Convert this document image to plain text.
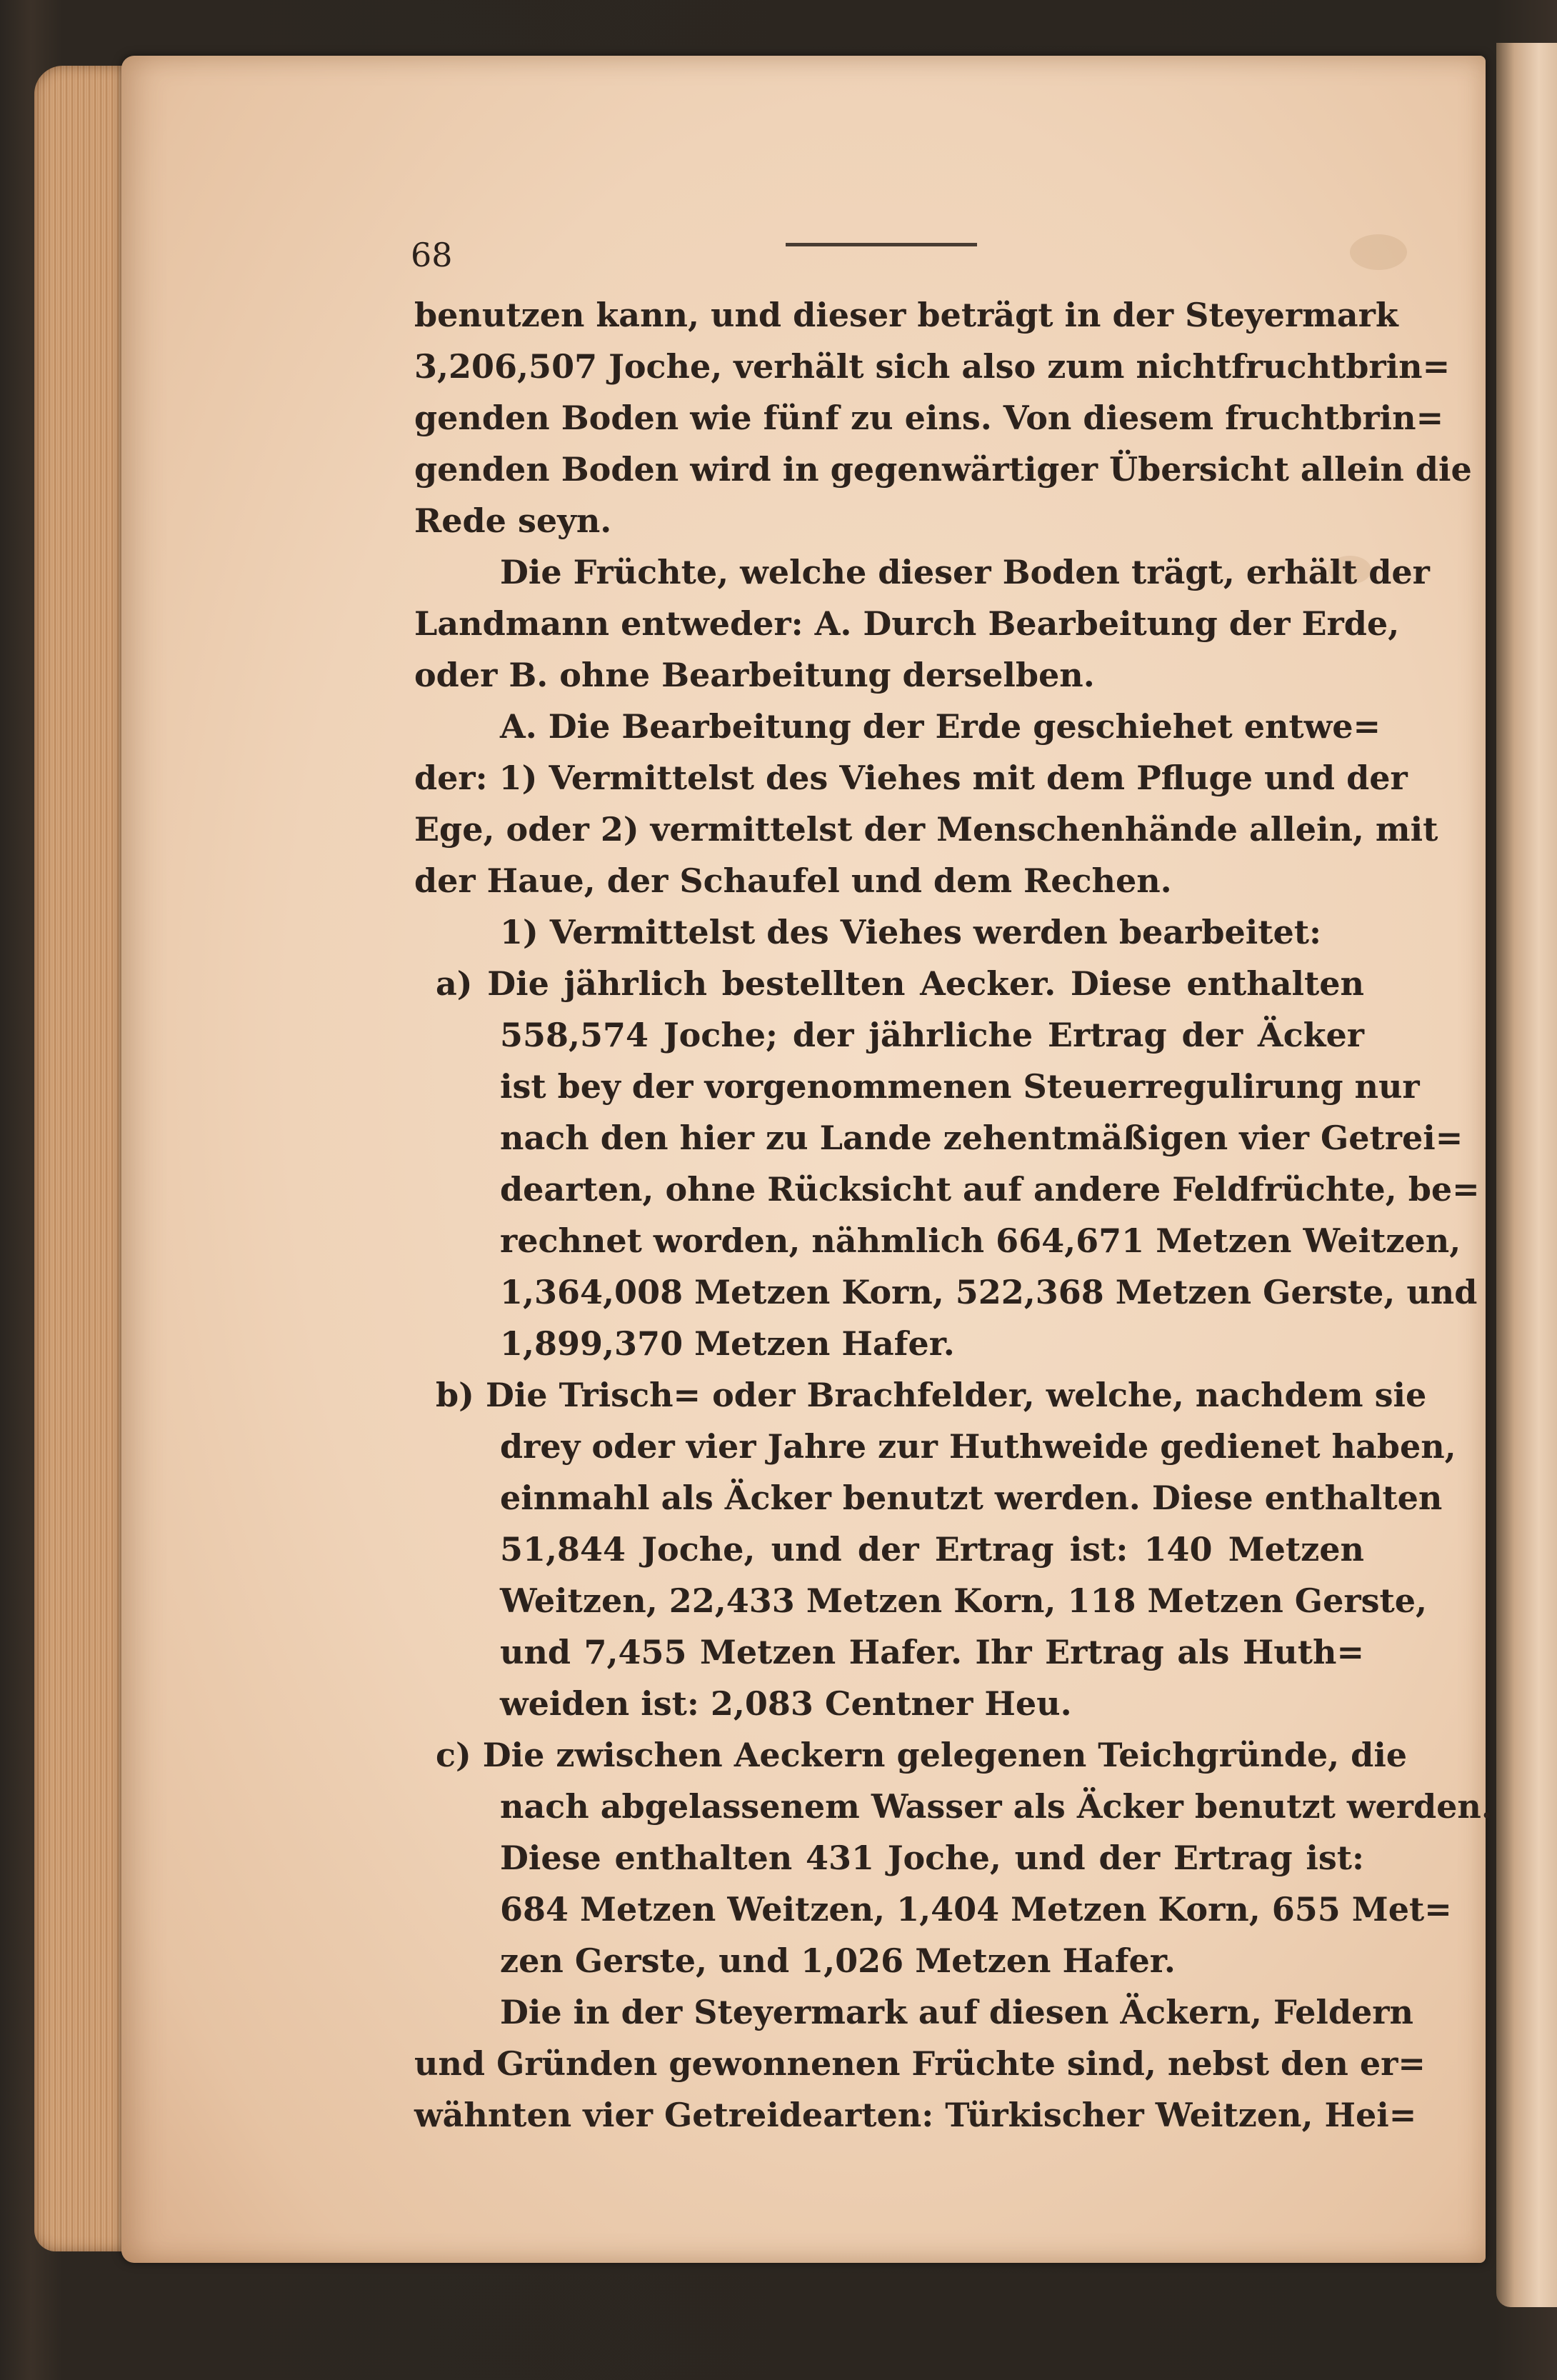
68
benutzen kann, und dieser beträgt in der Steyermark
3,206,507 Joche, verhält sich also zum nichtfruchtbrin=
genden Boden wie fünf zu eins. Von diesem fruchtbrin=
genden Boden wird in gegenwärtiger Übersicht allein die
Rede seyn.
Die Früchte, welche dieser Boden trägt, erhält der
Landmann entweder: A. Durch Bearbeitung der Erde,
oder B. ohne Bearbeitung derselben.
A. Die Bearbeitung der Erde geschiehet entwe=
der: 1) Vermittelst des Viehes mit dem Pfluge und der
Ege, oder 2) vermittelst der Menschenhände allein, mit
der Haue, der Schaufel und dem Rechen.
1) Vermittelst des Viehes werden bearbeitet:
a) Die jährlich bestellten Aecker. Diese enthalten
558,574 Joche; der jährliche Ertrag der Äcker
ist bey der vorgenommenen Steuerregulirung nur
nach den hier zu Lande zehentmäßigen vier Getrei=
dearten, ohne Rücksicht auf andere Feldfrüchte, be=
rechnet worden, nähmlich 664,671 Metzen Weitzen,
1,364,008 Metzen Korn, 522,368 Metzen Gerste, und
1,899,370 Metzen Hafer.
b) Die Trisch= oder Brachfelder, welche, nachdem sie
drey oder vier Jahre zur Huthweide gedienet haben,
einmahl als Äcker benutzt werden. Diese enthalten
51,844 Joche, und der Ertrag ist: 140 Metzen
Weitzen, 22,433 Metzen Korn, 118 Metzen Gerste,
und 7,455 Metzen Hafer. Ihr Ertrag als Huth=
weiden ist: 2,083 Centner Heu.
c) Die zwischen Aeckern gelegenen Teichgründe, die
nach abgelassenem Wasser als Äcker benutzt werden.
Diese enthalten 431 Joche, und der Ertrag ist:
684 Metzen Weitzen, 1,404 Metzen Korn, 655 Met=
zen Gerste, und 1,026 Metzen Hafer.
Die in der Steyermark auf diesen Äckern, Feldern
und Gründen gewonnenen Früchte sind, nebst den er=
wähnten vier Getreidearten: Türkischer Weitzen, Hei=
